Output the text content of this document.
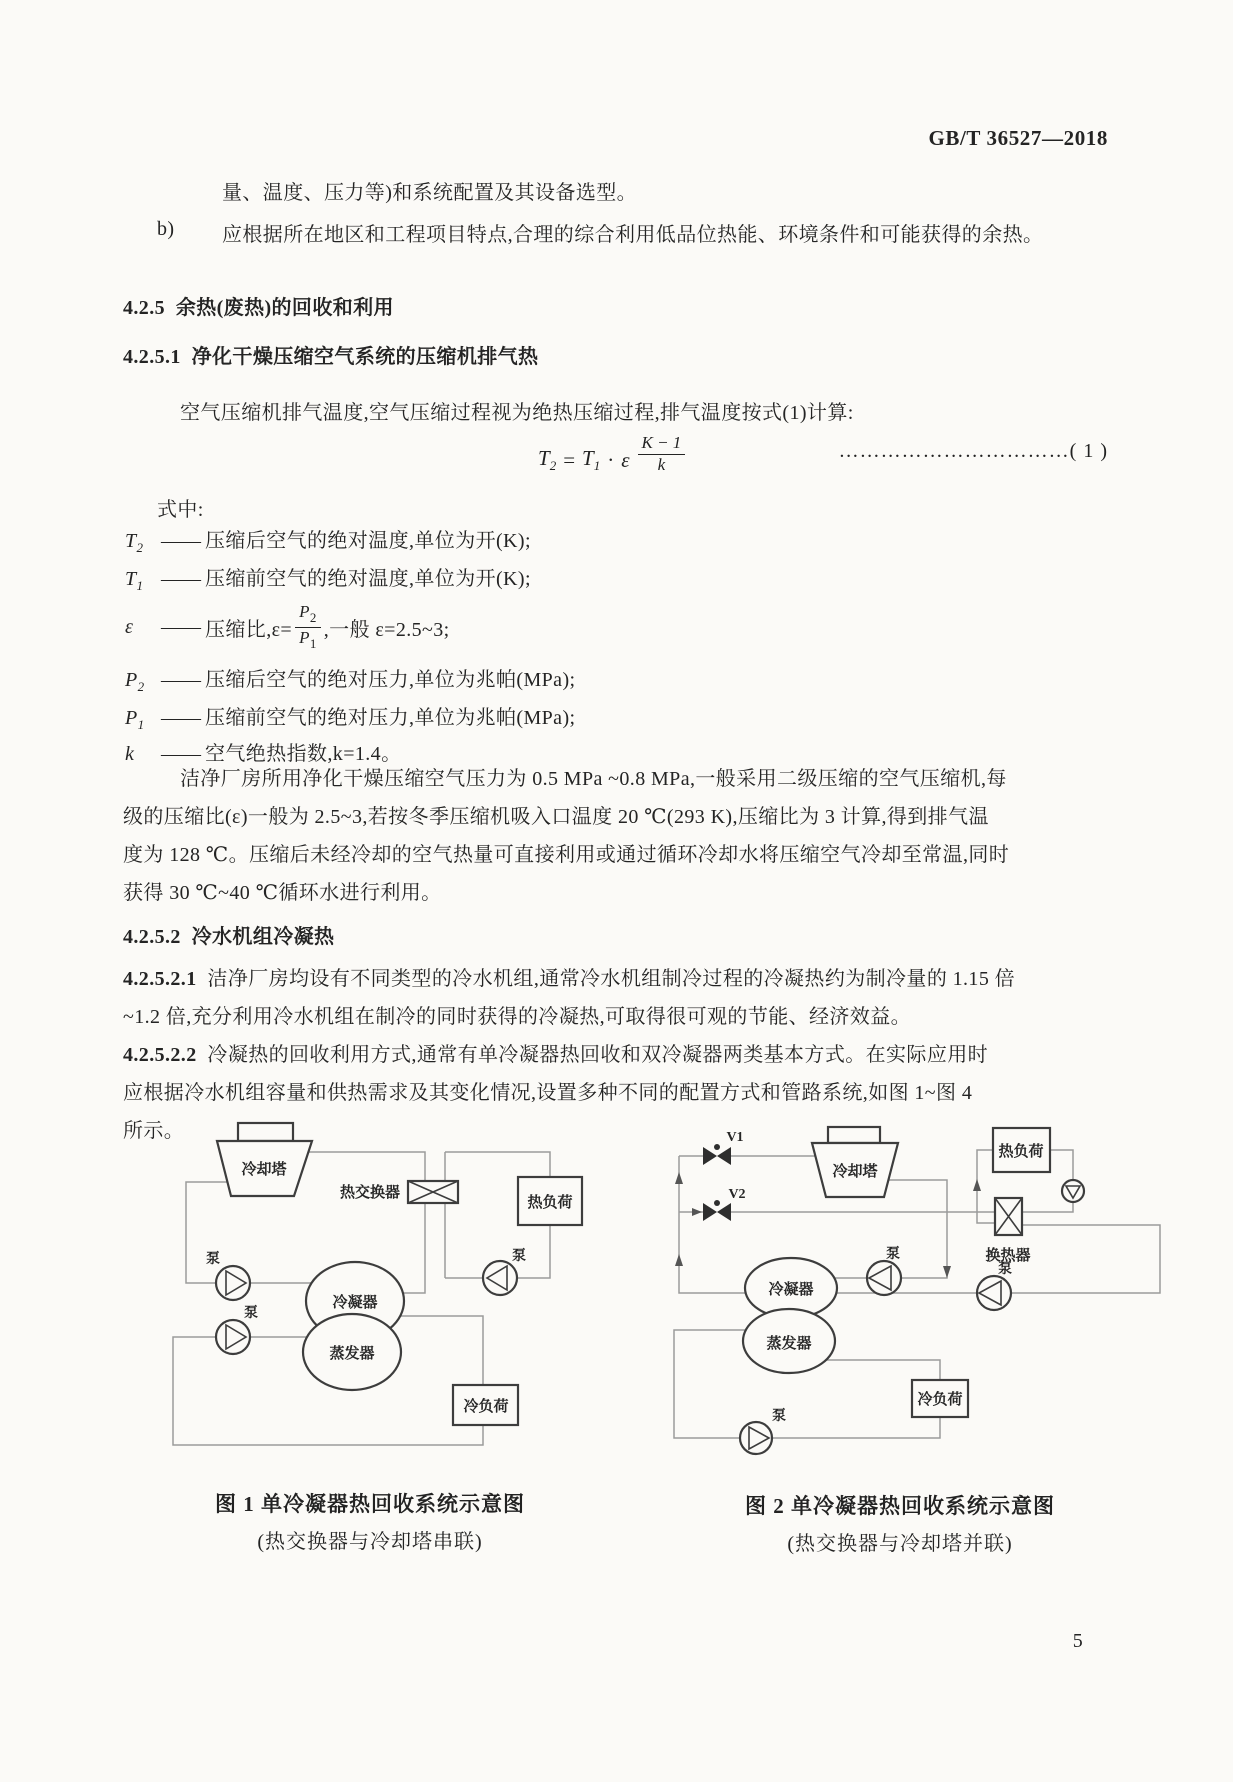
GB/T 36527—2018
量、温度、压力等)和系统配置及其设备选型。
b) 应根据所在地区和工程项目特点,合理的综合利用低品位热能、环境条件和可能获得的余热。
4.2.5 余热(废热)的回收和利用
4.2.5.1 净化干燥压缩空气系统的压缩机排气热
空气压缩机排气温度,空气压缩过程视为绝热压缩过程,排气温度按式(1)计算:
$T_2 = T_1 \cdot \varepsilon \frac{K - 1}{k}$	……………………………( 1 )
式中:
$T_2$ —— 压缩后空气的绝对温度,单位为开(K);
$T_1$ —— 压缩前空气的绝对温度,单位为开(K);
ε	—— 压缩比$,\varepsilon= \frac{P_2}{P_1}$ ,一般 ε=2.5~3;
$P_2$ —— 压缩后空气的绝对压力,单位为兆帕(MPa);
$P_1$ —— 压缩前空气的绝对压力,单位为兆帕(MPa);
k —— 空气绝热指数,k=1.4。
洁净厂房所用净化干燥压缩空气压力为 0.5 MPa ~0.8 MPa,一般采用二级压缩的空气压缩机,每
级的压缩比(ε)一般为 2.5~3,若按冬季压缩机吸入口温度 20 ℃(293 K),压缩比为 3 计算,得到排气温
度为 128 ℃。压缩后未经冷却的空气热量可直接利用或通过循环冷却水将压缩空气冷却至常温,同时
获得 30 ℃~40 ℃循环水进行利用。
4.2.5.2 冷水机组冷凝热
4.2.5.2.1 洁净厂房均设有不同类型的冷水机组,通常冷水机组制冷过程的冷凝热约为制冷量的 1.15 倍
~1.2 倍,充分利用冷水机组在制冷的同时获得的冷凝热,可取得很可观的节能、经济效益。
4.2.5.2.2 冷凝热的回收利用方式,通常有单冷凝器热回收和双冷凝器两类基本方式。在实际应用时
应根据冷水机组容量和供热需求及其变化情况,设置多种不同的配置方式和管路系统,如图 1~图 4
所示。
冷却塔
热交换器
热负荷
冷凝器
蒸发器
冷负荷
泵
泵
泵
V1
V2
冷却塔
热负荷
换热器
冷凝器
蒸发器
冷负荷
泵
泵
泵
图 1 单冷凝器热回收系统示意图
(热交换器与冷却塔串联)
图 2 单冷凝器热回收系统示意图
(热交换器与冷却塔并联)
5
